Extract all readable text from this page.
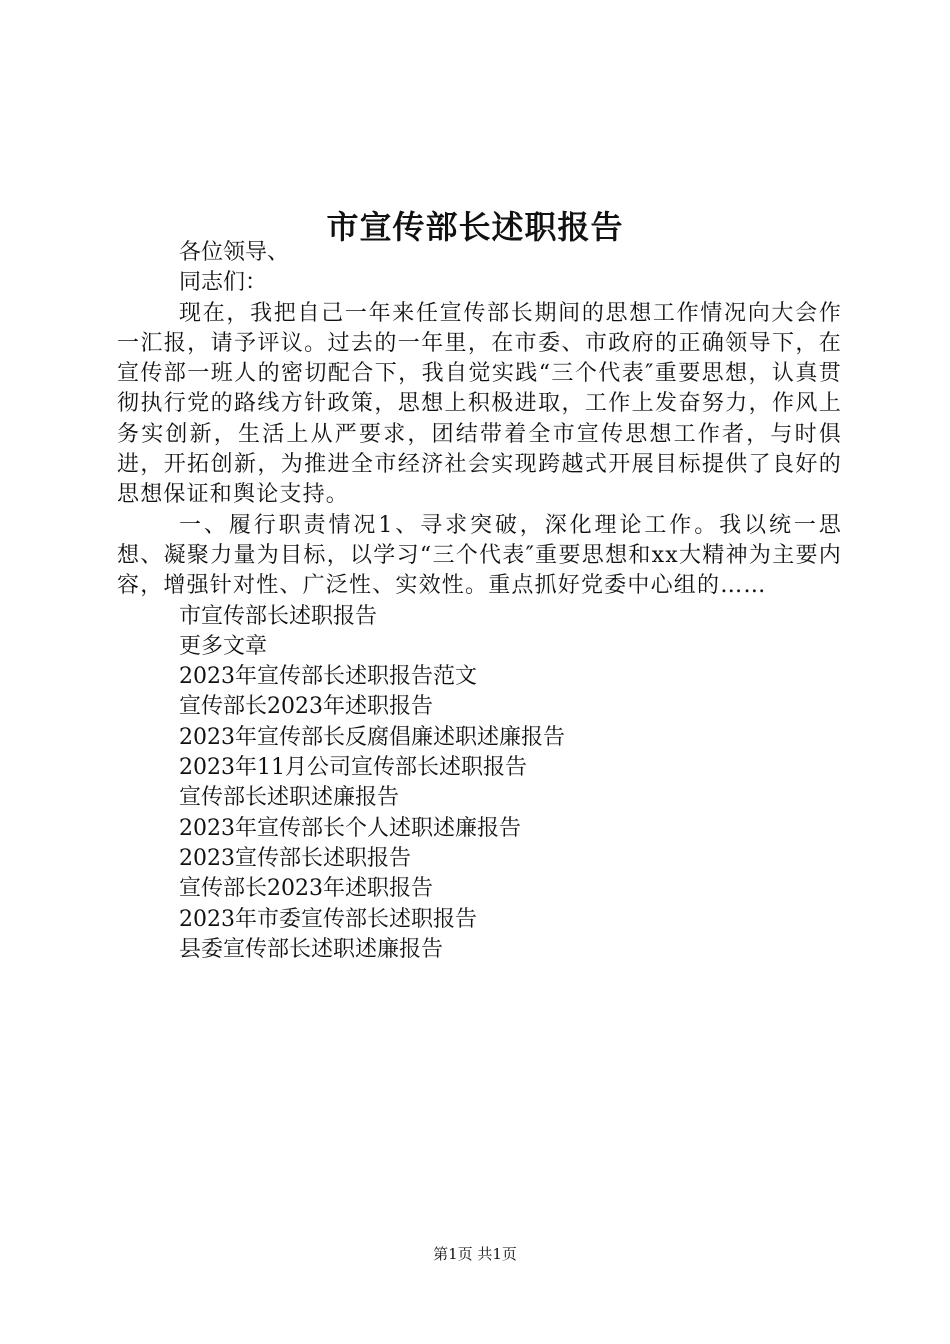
市宣传部长述职报告

各位领导、

同志们：

现在，我把自己一年来任宣传部长期间的思想工作情况向大会作一汇报，请予评议。过去的一年里，在市委、市政府的正确领导下，在宣传部一班人的密切配合下，我自觉实践“三个代表″重要思想，认真贯彻执行党的路线方针政策，思想上积极进取，工作上发奋努力，作风上务实创新，生活上从严要求，团结带着全市宣传思想工作者，与时俱进，开拓创新，为推进全市经济社会实现跨越式开展目标提供了良好的思想保证和舆论支持。

一、履行职责情况1、寻求突破，深化理论工作。我以统一思想、凝聚力量为目标，以学习“三个代表″重要思想和xx大精神为主要内容，增强针对性、广泛性、实效性。重点抓好党委中心组的……

市宣传部长述职报告

更多文章

2023年宣传部长述职报告范文
宣传部长2023年述职报告
2023年宣传部长反腐倡廉述职述廉报告
2023年11月公司宣传部长述职报告
宣传部长述职述廉报告
2023年宣传部长个人述职述廉报告
2023宣传部长述职报告
宣传部长2023年述职报告
2023年市委宣传部长述职报告
县委宣传部长述职述廉报告
第1页 共1页
